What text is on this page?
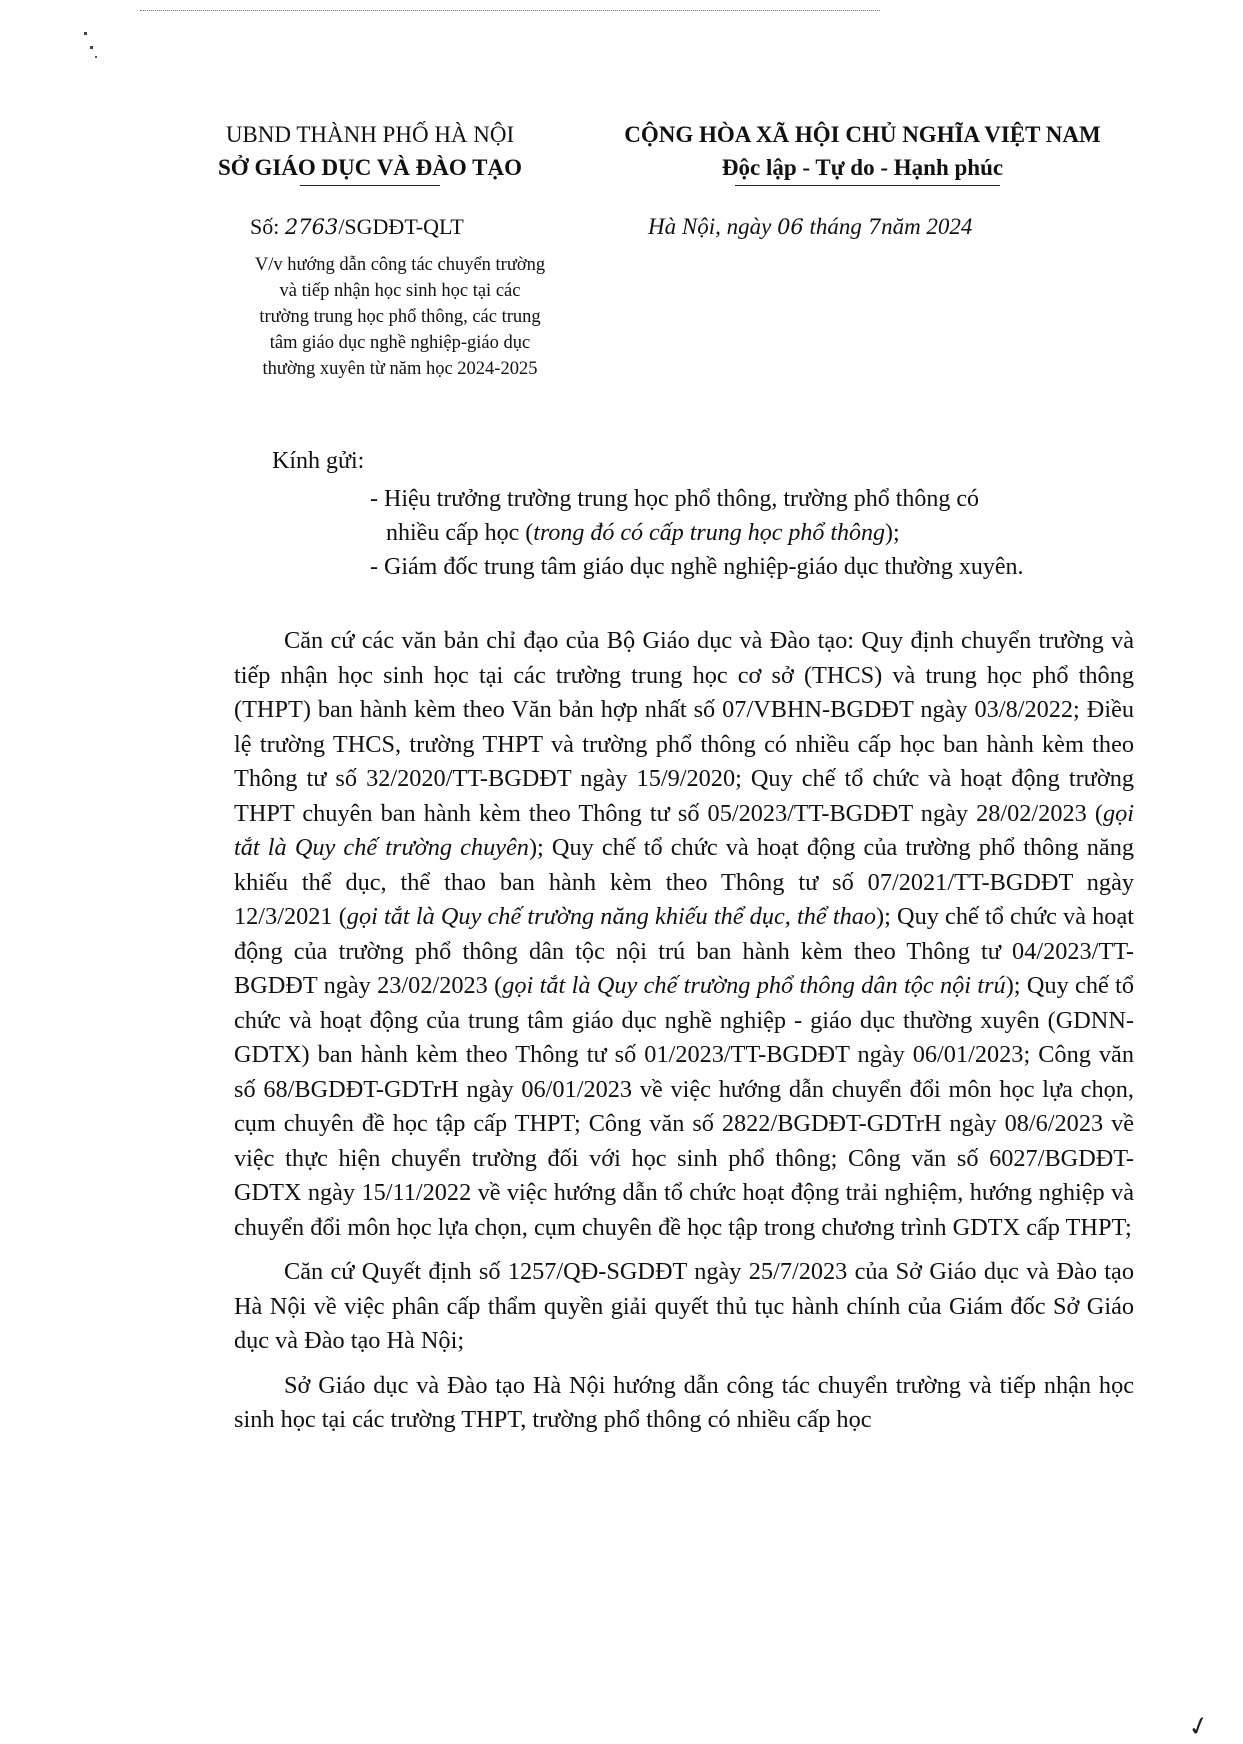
UBND THÀNH PHỐ HÀ NỘI
SỞ GIÁO DỤC VÀ ĐÀO TẠO
CỘNG HÒA XÃ HỘI CHỦ NGHĨA VIỆT NAM
Độc lập - Tự do - Hạnh phúc
Số: 2763/SGDĐT-QLT	Hà Nội, ngày 06 tháng 7năm 2024
V/v hướng dẫn công tác chuyển trường
và tiếp nhận học sinh học tại các
trường trung học phổ thông, các trung
tâm giáo dục nghề nghiệp-giáo dục
thường xuyên từ năm học 2024-2025
Kính gửi:
- Hiệu trưởng trường trung học phổ thông, trường phổ thông có
nhiều cấp học (trong đó có cấp trung học phổ thông);
- Giám đốc trung tâm giáo dục nghề nghiệp-giáo dục thường xuyên.

Căn cứ các văn bản chỉ đạo của Bộ Giáo dục và Đào tạo: Quy định chuyển trường và tiếp nhận học sinh học tại các trường trung học cơ sở (THCS) và trung học phổ thông (THPT) ban hành kèm theo Văn bản hợp nhất số 07/VBHN-BGDĐT ngày 03/8/2022; Điều lệ trường THCS, trường THPT và trường phổ thông có nhiều cấp học ban hành kèm theo Thông tư số 32/2020/TT-BGDĐT ngày 15/9/2020; Quy chế tổ chức và hoạt động trường THPT chuyên ban hành kèm theo Thông tư số 05/2023/TT-BGDĐT ngày 28/02/2023 (gọi tắt là Quy chế trường chuyên); Quy chế tổ chức và hoạt động của trường phổ thông năng khiếu thể dục, thể thao ban hành kèm theo Thông tư số 07/2021/TT-BGDĐT ngày 12/3/2021 (gọi tắt là Quy chế trường năng khiếu thể dục, thể thao); Quy chế tổ chức và hoạt động của trường phổ thông dân tộc nội trú ban hành kèm theo Thông tư 04/2023/TT-BGDĐT ngày 23/02/2023 (gọi tắt là Quy chế trường phổ thông dân tộc nội trú); Quy chế tổ chức và hoạt động của trung tâm giáo dục nghề nghiệp - giáo dục thường xuyên (GDNN-GDTX) ban hành kèm theo Thông tư số 01/2023/TT-BGDĐT ngày 06/01/2023; Công văn số 68/BGDĐT-GDTrH ngày 06/01/2023 về việc hướng dẫn chuyển đổi môn học lựa chọn, cụm chuyên đề học tập cấp THPT; Công văn số 2822/BGDĐT-GDTrH ngày 08/6/2023 về việc thực hiện chuyển trường đối với học sinh phổ thông; Công văn số 6027/BGDĐT-GDTX ngày 15/11/2022 về việc hướng dẫn tổ chức hoạt động trải nghiệm, hướng nghiệp và chuyển đổi môn học lựa chọn, cụm chuyên đề học tập trong chương trình GDTX cấp THPT;

Căn cứ Quyết định số 1257/QĐ-SGDĐT ngày 25/7/2023 của Sở Giáo dục và Đào tạo Hà Nội về việc phân cấp thẩm quyền giải quyết thủ tục hành chính của Giám đốc Sở Giáo dục và Đào tạo Hà Nội;

Sở Giáo dục và Đào tạo Hà Nội hướng dẫn công tác chuyển trường và tiếp nhận học sinh học tại các trường THPT, trường phổ thông có nhiều cấp học

✓
